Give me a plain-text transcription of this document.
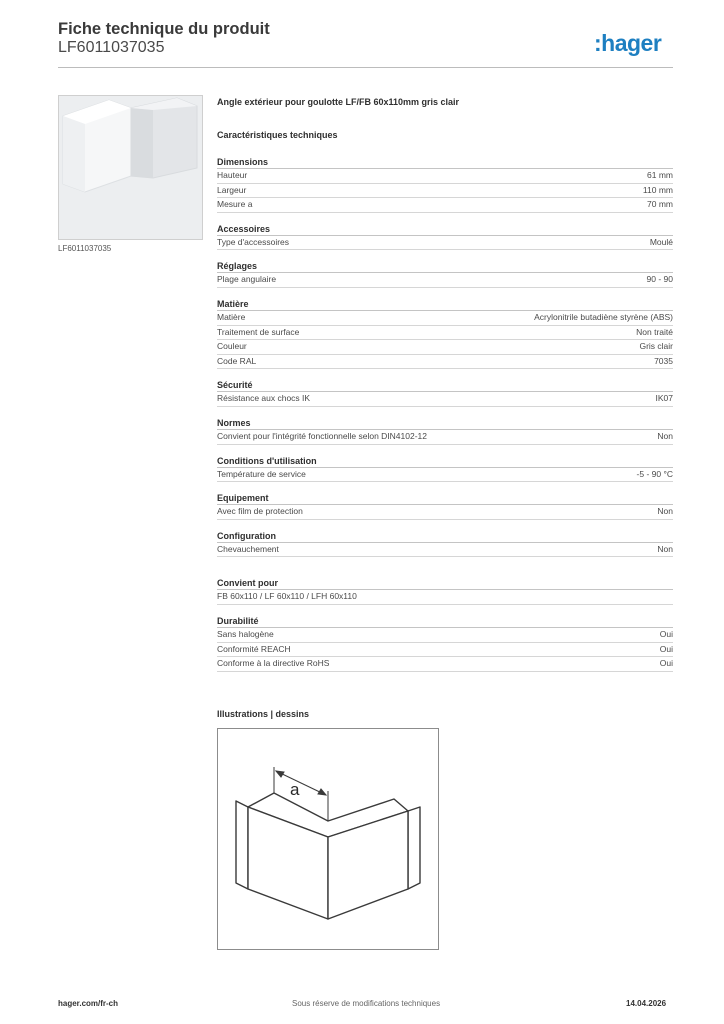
Fiche technique du produit
LF6011037035	:hager
LF6011037035
Angle extérieur pour goulotte LF/FB 60x110mm gris clair
Caractéristiques techniques
Dimensions
Hauteur	61 mm
Largeur	110 mm
Mesure a	70 mm
Accessoires
Type d'accessoires	Moulé
Réglages
Plage angulaire	90 - 90
Matière
Matière	Acrylonitrile butadiène styrène (ABS)
Traitement de surface	Non traité
Couleur	Gris clair
Code RAL	7035
Sécurité
Résistance aux chocs IK	IK07
Normes
Convient pour l'intégrité fonctionnelle selon DIN4102-12	Non
Conditions d'utilisation
Température de service	-5 - 90 °C
Equipement
Avec film de protection	Non
Configuration
Chevauchement	Non
Convient pour
FB 60x110 / LF 60x110 / LFH 60x110
Durabilité
Sans halogène	Oui
Conformité REACH	Oui
Conforme à la directive RoHS	Oui
Illustrations | dessins
a
hager.com/fr-ch	Sous réserve de modifications techniques	14.04.2026
